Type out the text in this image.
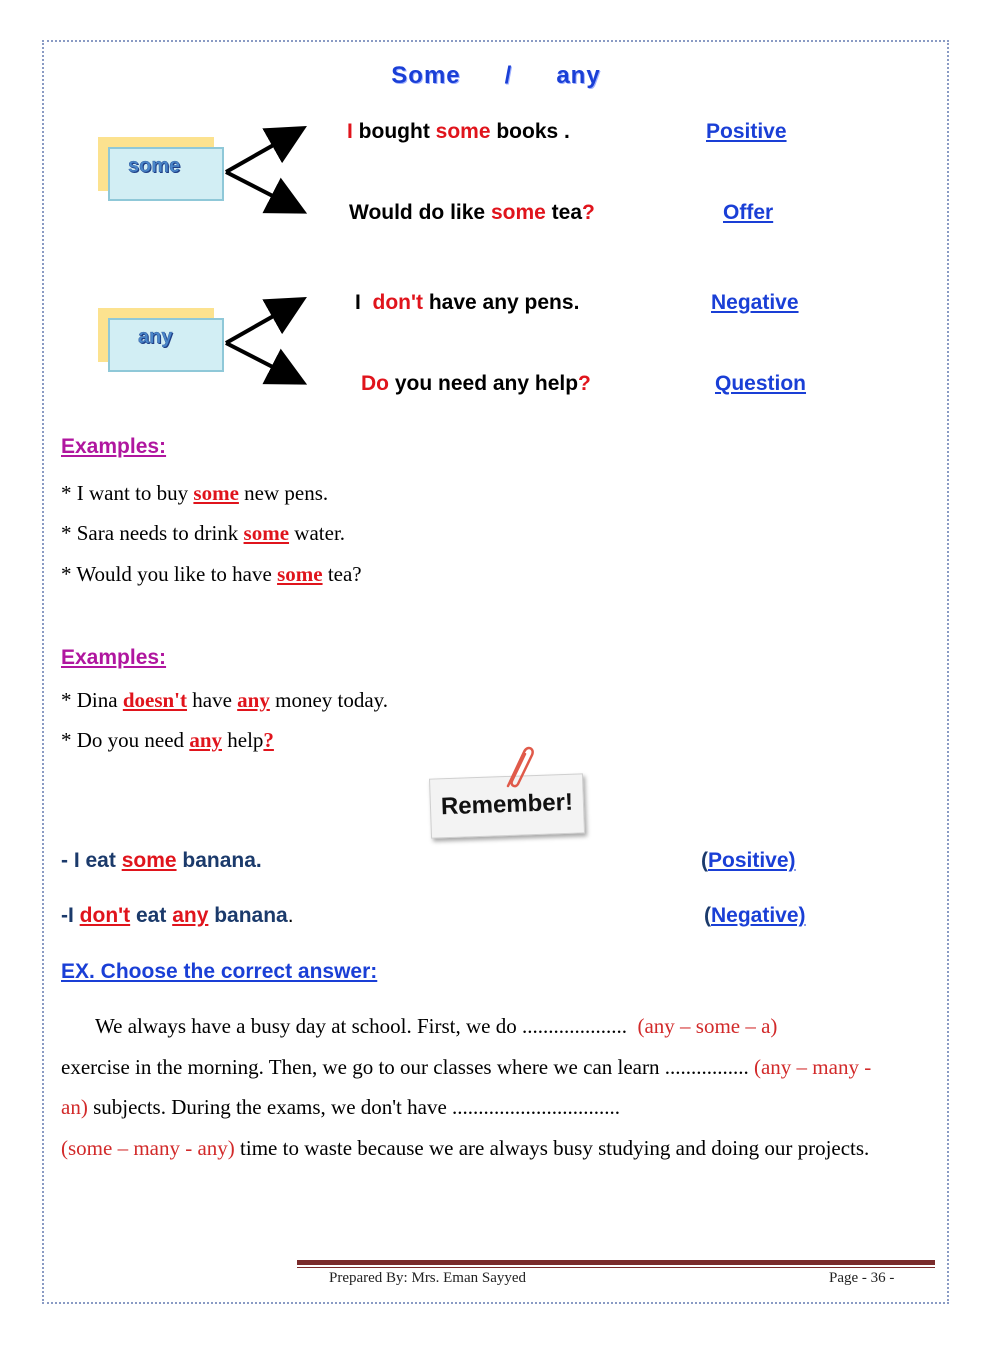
Some / any
some
any
I bought some books .	Positive
Would do like some tea?	Offer
I  don't have any pens.	Negative
Do you need any help?	Question
Examples:
* I want to buy some new pens.
* Sara needs to drink some water.
* Would you like to have some tea?
Examples:
* Dina doesn't have any money today.
* Do you need any help?
Remember!
- I eat some banana.	(Positive)
-I don't eat any banana.	(Negative)
EX. Choose the correct answer:
We always have a busy day at school. First, we do .................... (any – some – a)
exercise in the morning. Then, we go to our classes where we can learn ................ (any – many - an) subjects. During the exams, we don't have ................................
(some – many - any) time to waste because we are always busy studying and doing our projects.
Prepared By: Mrs. Eman Sayyed	Page - 36 -
